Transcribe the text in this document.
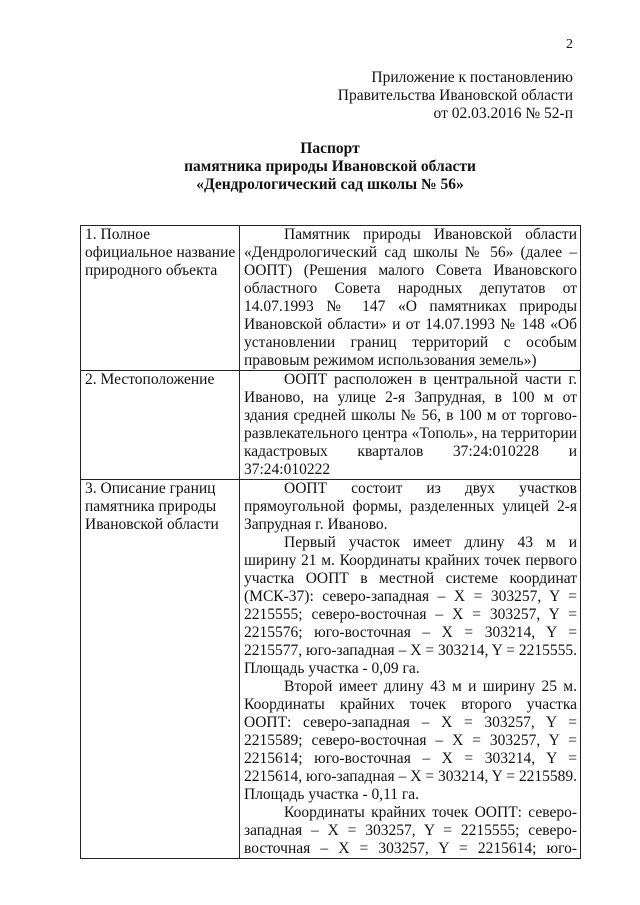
2
Приложение к постановлению
Правительства Ивановской области
от 02.03.2016 № 52-п
Паспорт
памятника природы Ивановской области
«Дендрологический сад школы № 56»
1. Полное официальное название природного объекта	Памятник природы Ивановской области «Дендрологический сад школы № 56» (далее – ООПТ) (Решения малого Совета Ивановского областного Совета народных депутатов от 14.07.1993 № 147 «О памятниках природы Ивановской области» и от 14.07.1993 № 148 «Об установлении границ территорий с особым правовым режимом использования земель»)

2. Местоположение	ООПТ расположен в центральной части г. Иваново, на улице 2-я Запрудная, в 100 м от здания средней школы № 56, в 100 м от торгово-развлекательного центра «Тополь», на территории кадастровых кварталов 37:24:010228 и 37:24:010222

3. Описание границ памятника природы Ивановской области	ООПТ состоит из двух участков прямоугольной формы, разделенных улицей 2-я Запрудная г. Иваново.

Первый участок имеет длину 43 м и ширину 21 м. Координаты крайних точек первого участка ООПТ в местной системе координат (МСК-37): северо-западная – X = 303257, Y = 2215555; северо-восточная – X = 303257, Y = 2215576; юго-восточная – X = 303214, Y = 2215577, юго-западная – X = 303214, Y = 2215555. Площадь участка - 0,09 га.

Второй имеет длину 43 м и ширину 25 м. Координаты крайних точек второго участка ООПТ: северо-западная – X = 303257, Y = 2215589; северо-восточная – X = 303257, Y = 2215614; юго-восточная – X = 303214, Y = 2215614, юго-западная – X = 303214, Y = 2215589. Площадь участка - 0,11 га.

Координаты крайних точек ООПТ: северо-западная – X = 303257, Y = 2215555; северо-восточная – X = 303257, Y = 2215614; юго-
